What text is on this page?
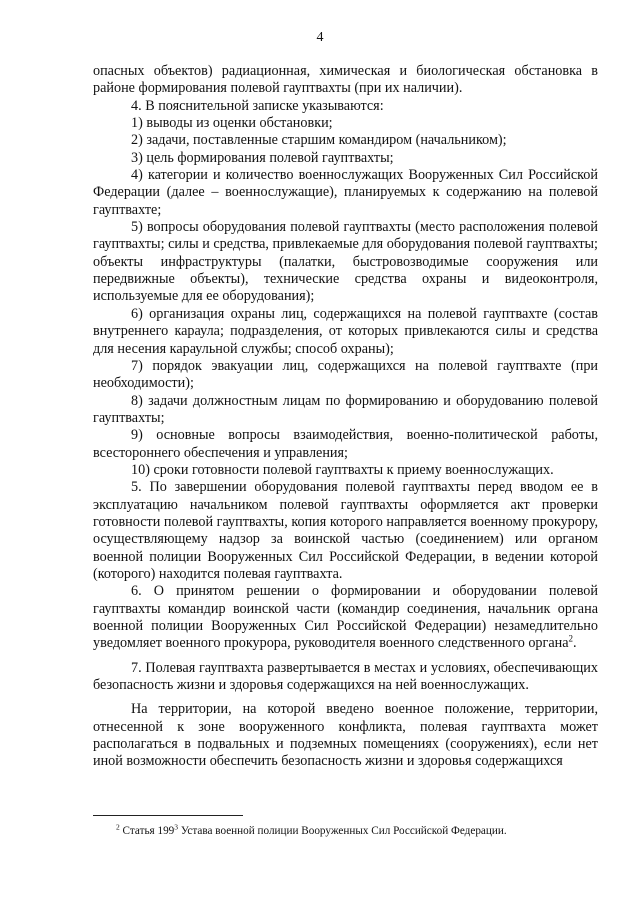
4

опасных объектов) радиационная, химическая и биологическая обстановка в районе формирования полевой гауптвахты (при их наличии).

4. В пояснительной записке указываются:

1) выводы из оценки обстановки;

2) задачи, поставленные старшим командиром (начальником);

3) цель формирования полевой гауптвахты;

4) категории и количество военнослужащих Вооруженных Сил Российской Федерации (далее – военнослужащие), планируемых к содержанию на полевой гауптвахте;

5) вопросы оборудования полевой гауптвахты (место расположения полевой гауптвахты; силы и средства, привлекаемые для оборудования полевой гауптвахты; объекты инфраструктуры (палатки, быстровозводимые сооружения или передвижные объекты), технические средства охраны и видеоконтроля, используемые для ее оборудования);

6) организация охраны лиц, содержащихся на полевой гауптвахте (состав внутреннего караула; подразделения, от которых привлекаются силы и средства для несения караульной службы; способ охраны);

7) порядок эвакуации лиц, содержащихся на полевой гауптвахте (при необходимости);

8) задачи должностным лицам по формированию и оборудованию полевой гауптвахты;

9) основные вопросы взаимодействия, военно-политической работы, всестороннего обеспечения и управления;

10) сроки готовности полевой гауптвахты к приему военнослужащих.

5. По завершении оборудования полевой гауптвахты перед вводом ее в эксплуатацию начальником полевой гауптвахты оформляется акт проверки готовности полевой гауптвахты, копия которого направляется военному прокурору, осуществляющему надзор за воинской частью (соединением) или органом военной полиции Вооруженных Сил Российской Федерации, в ведении которой (которого) находится полевая гауптвахта.

6. О принятом решении о формировании и оборудовании полевой гауптвахты командир воинской части (командир соединения, начальник органа военной полиции Вооруженных Сил Российской Федерации) незамедлительно уведомляет военного прокурора, руководителя военного следственного органа$^2$.

7. Полевая гауптвахта развертывается в местах и условиях, обеспечивающих безопасность жизни и здоровья содержащихся на ней военнослужащих.

На территории, на которой введено военное положение, территории, отнесенной к зоне вооруженного конфликта, полевая гауптвахта может располагаться в подвальных и подземных помещениях (сооружениях), если нет иной возможности обеспечить безопасность жизни и здоровья содержащихся

$^2$ Статья $199^3$ Устава военной полиции Вооруженных Сил Российской Федерации.
